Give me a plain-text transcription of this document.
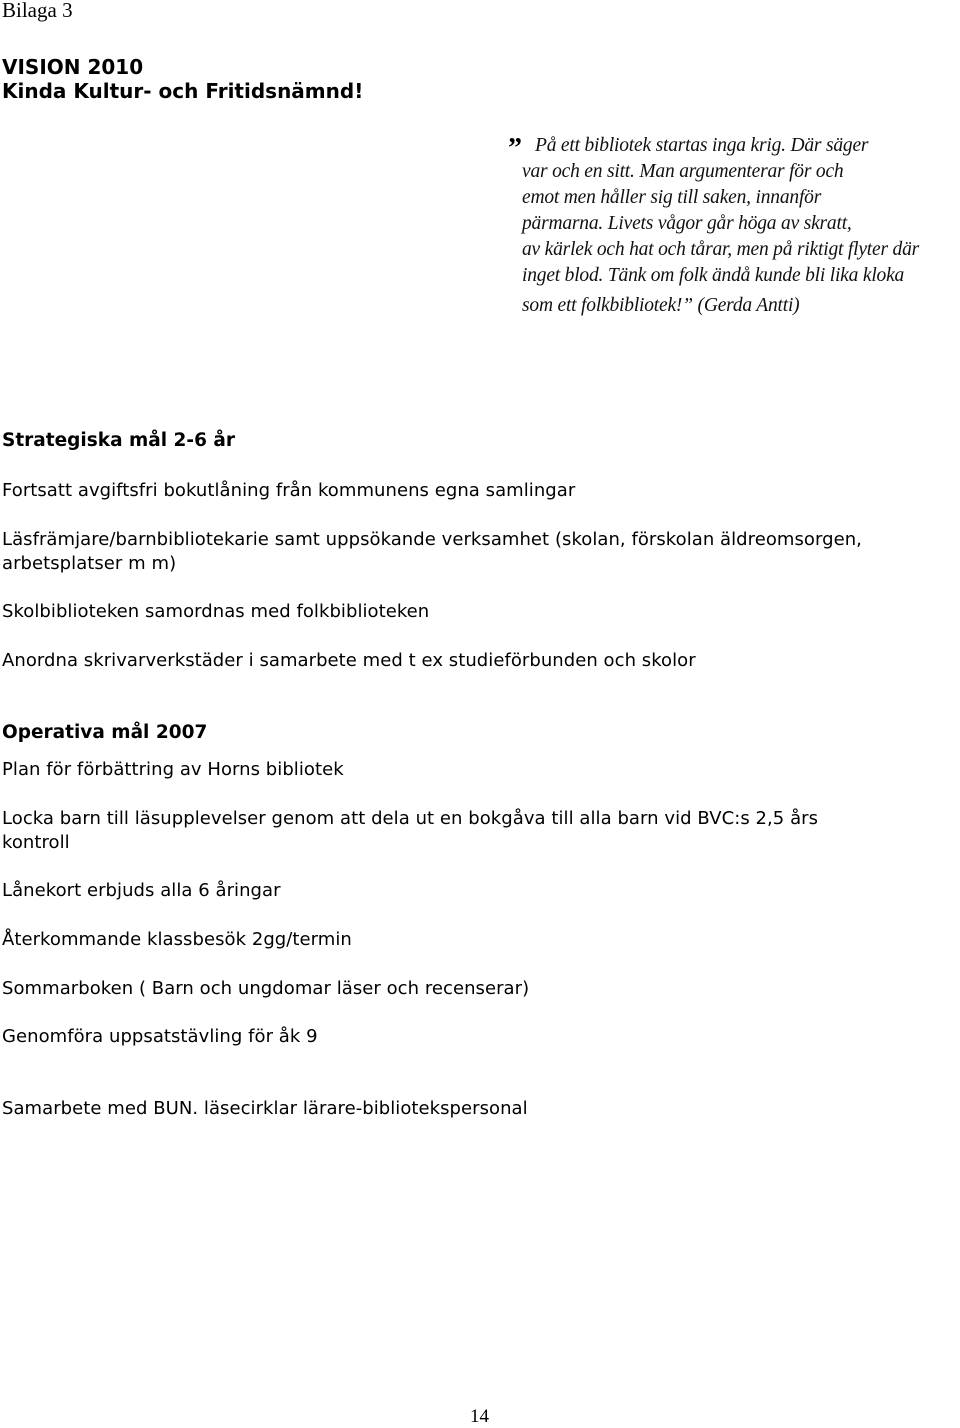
Bilaga 3
VISION 2010
Kinda Kultur- och Fritidsnämnd!
” På ett bibliotek startas inga krig. Där säger
var och en sitt. Man argumenterar för och
emot men håller sig till saken, innanför
pärmarna. Livets vågor går höga av skratt,
av kärlek och hat och tårar, men på riktigt flyter där
inget blod. Tänk om folk ändå kunde bli lika kloka
som ett folkbibliotek!” (Gerda Antti)
Strategiska mål 2-6 år
Fortsatt avgiftsfri bokutlåning från kommunens egna samlingar
Läsfrämjare/barnbibliotekarie samt uppsökande verksamhet (skolan, förskolan äldreomsorgen,
arbetsplatser m m)
Skolbiblioteken samordnas med folkbiblioteken
Anordna skrivarverkstäder i samarbete med t ex studieförbunden och skolor
Operativa mål 2007
Plan för förbättring av Horns bibliotek
Locka barn till läsupplevelser genom att dela ut en bokgåva till alla barn vid BVC:s 2,5 års
kontroll
Lånekort erbjuds alla 6 åringar
Återkommande klassbesök 2gg/termin
Sommarboken ( Barn och ungdomar läser och recenserar)
Genomföra uppsatstävling för åk 9
Samarbete med BUN. läsecirklar lärare-bibliotekspersonal
14
